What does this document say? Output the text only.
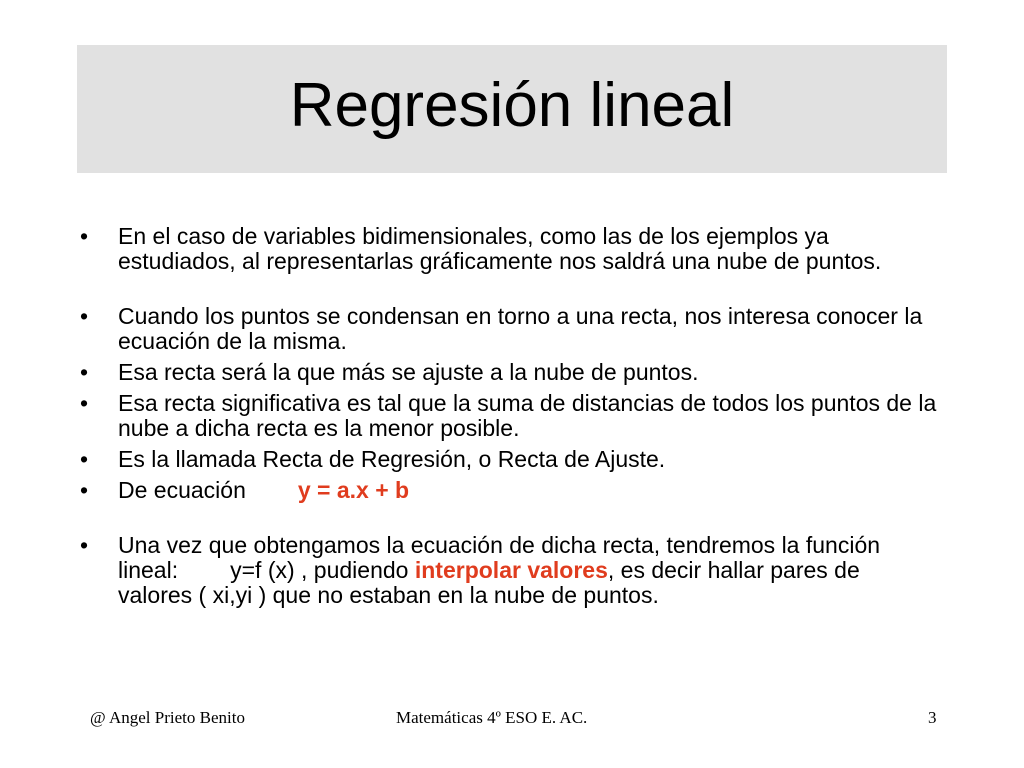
Regresión lineal
• En el caso de variables bidimensionales, como las de los ejemplos ya estudiados, al representarlas gráficamente nos saldrá una nube de puntos.
• Cuando los puntos se condensan en torno a una recta, nos interesa conocer la ecuación de la misma.
• Esa recta será la que más se ajuste a la nube de puntos.
• Esa recta significativa es tal que la suma de distancias de todos los puntos de la nube a dicha recta es la menor posible.
• Es la llamada Recta de Regresión, o Recta de Ajuste.
• De ecuación y = a.x + b
• Una vez que obtengamos la ecuación de dicha recta, tendremos la función lineal: y=f (x) , pudiendo interpolar valores, es decir hallar pares de valores ( xi,yi ) que no estaban en la nube de puntos.
@ Angel Prieto Benito	Matemáticas 4º ESO E. AC.	3
